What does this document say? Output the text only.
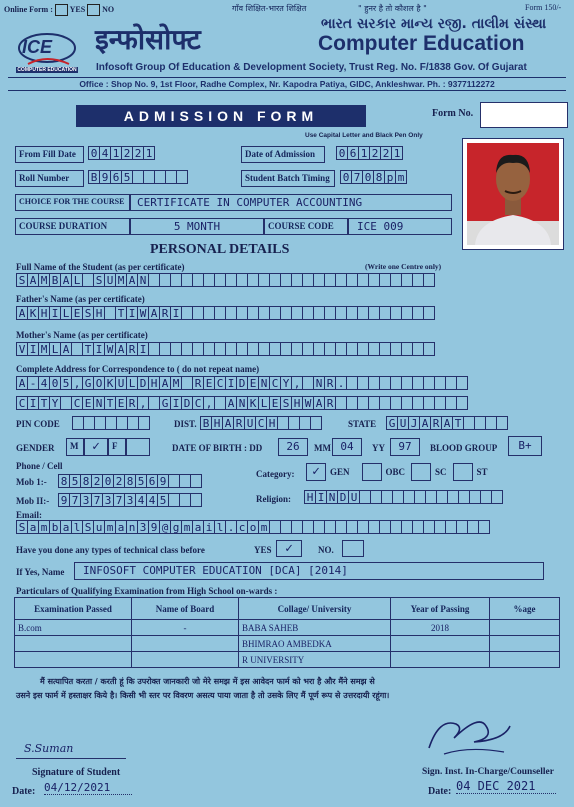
Online Form : YES NO	गाँव शिक्षित-भारत शिक्षित	" हुनर है तो कौशल है "	Form 150/-
ICE
COMPUTER EDUCATION
इन्फोसोफ्ट	ભારત સરકાર માન્ય રજી. તાલીમ સંસ્થા
Computer Education
Infosoft Group Of Education & Development Society, Trust Reg. No. F/1838 Gov. Of Gujarat
Office : Shop No. 9, 1st Floor, Radhe Complex, Nr. Kapodra Patiya, GIDC, Ankleshwar. Ph. : 9377112272
ADMISSION FORM	Form No.
Use Capital Letter and Black Pen Only
From Fill Date	0 4 1 2 2 1	Date of Admission	0 6 1 2 2 1
Roll Number	B 9 6 5	Student Batch Timing	0 7 0 8 p m
CHOICE FOR THE COURSE	CERTIFICATE IN COMPUTER ACCOUNTING
COURSE DURATION	5 MONTH	COURSE CODE	ICE 009
PERSONAL DETAILS
Full Name of the Student (as per certificate)	(Write one Centre only)
S A M B A L S U M A N
Father's Name (as per certificate)
A K H I L E S H T I W A R I
Mother's Name (as per certificate)
V I M L A T I W A R I
Complete Address for Correspondence to ( do not repeat name)
A - 4 0 5 , G O K U L D H A M R E C I D E N C Y , N R .
C I T Y C E N T E R , G I D C , A N K L E S H W A R
PIN CODE	DIST. B H A R U C H	STATE G U J A R A T
GENDER	M	✓	F	DATE OF BIRTH : DD	26	MM 04	YY	97	BLOOD GROUP	B+
Phone / Cell
Mob 1:- 8 5 8 2 0 2 8 5 6 9
Mob II:- 9 7 3 7 3 7 3 4 4 5
Category:	✓	GEN	OBC	SC	ST
Religion: H I N D U
Email:
S a m b a l S u m a n 3 9 @ g m a i l . c o m
Have you done any types of technical class before	YES	✓	NO.
If Yes, Name	INFOSOFT COMPUTER EDUCATION [DCA] [2014]
Particulars of Qualifying Examination from High School on-wards :
Examination Passed	Name of Board	Collage/ University	Year of Passing	%age
B.com	-	BABA SAHEB	2018	
		BHIMRAO AMBEDKA		
		R UNIVERSITY		
मैं सत्यापित करता / करती हूं कि उपरोक्त जानकारी जो मेरे समझ में इस आवेदन फार्म को भरा है और मैंने समझ से
उसने इस फार्म में हस्ताक्षर किये है। किसी भी स्तर पर विवरण असत्य पाया जाता है तो उसके लिए मैं पूर्ण रूप से उत्तरदायी रहूंगा।
S.Suman
Signature of Student
Date: 04/12/2021
Sign. Inst. In-Charge/Counseller
Date: 04 DEC 2021
